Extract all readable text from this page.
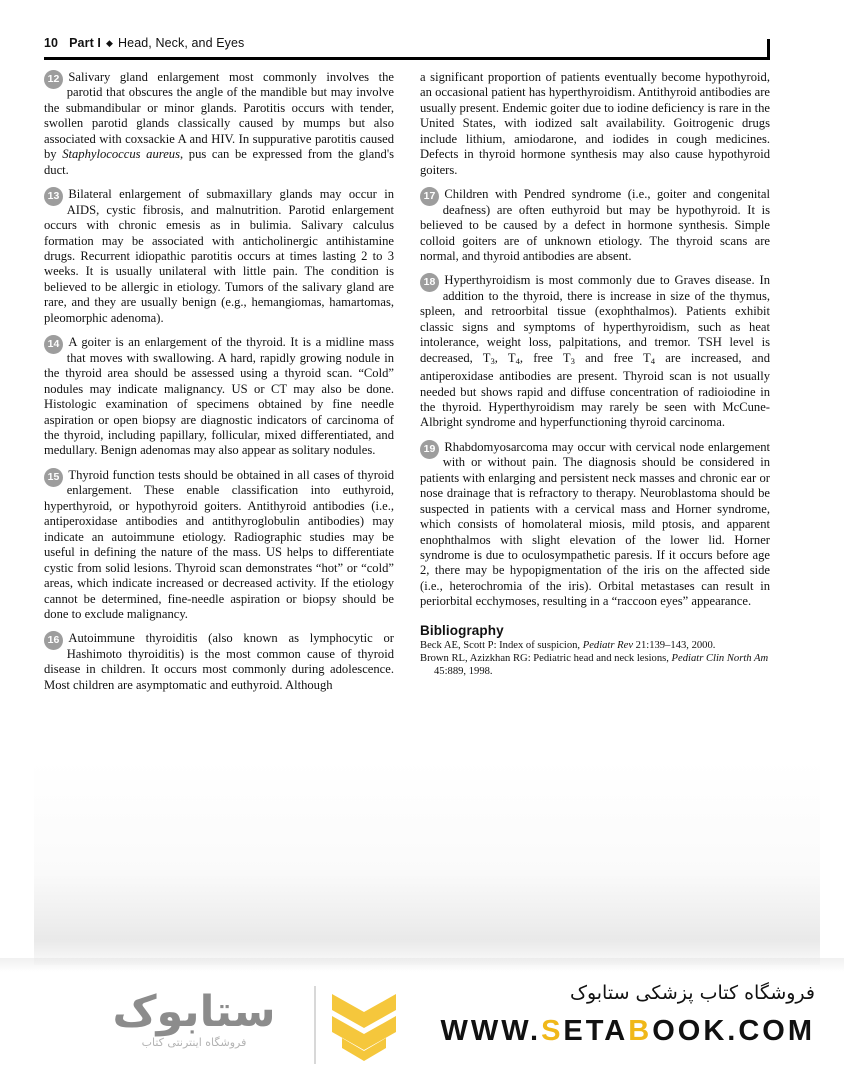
10 Part I ◆ Head, Neck, and Eyes
12 Salivary gland enlargement most commonly involves the parotid that obscures the angle of the mandible but may involve the submandibular or minor glands. Parotitis occurs with tender, swollen parotid glands classically caused by mumps but also associated with coxsackie A and HIV. In suppurative parotitis caused by Staphylococcus aureus, pus can be expressed from the gland's duct.
13 Bilateral enlargement of submaxillary glands may occur in AIDS, cystic fibrosis, and malnutrition. Parotid enlargement occurs with chronic emesis as in bulimia. Salivary calculus formation may be associated with anticholinergic antihistamine drugs. Recurrent idiopathic parotitis occurs at times lasting 2 to 3 weeks. It is usually unilateral with little pain. The condition is believed to be allergic in etiology. Tumors of the salivary gland are rare, and they are usually benign (e.g., hemangiomas, hamartomas, pleomorphic adenoma).
14 A goiter is an enlargement of the thyroid. It is a midline mass that moves with swallowing. A hard, rapidly growing nodule in the thyroid area should be assessed using a thyroid scan. “Cold” nodules may indicate malignancy. US or CT may also be done. Histologic examination of specimens obtained by fine needle aspiration or open biopsy are diagnostic indicators of carcinoma of the thyroid, including papillary, follicular, mixed differentiated, and medullary. Benign adenomas may also appear as solitary nodules.
15 Thyroid function tests should be obtained in all cases of thyroid enlargement. These enable classification into euthyroid, hyperthyroid, or hypothyroid goiters. Antithyroid antibodies (i.e., antiperoxidase antibodies and antithyroglobulin antibodies) may indicate an autoimmune etiology. Radiographic studies may be useful in defining the nature of the mass. US helps to differentiate cystic from solid lesions. Thyroid scan demonstrates “hot” or “cold” areas, which indicate increased or decreased activity. If the etiology cannot be determined, fine-needle aspiration or biopsy should be done to exclude malignancy.
16 Autoimmune thyroiditis (also known as lymphocytic or Hashimoto thyroiditis) is the most common cause of thyroid disease in children. It occurs most commonly during adolescence. Most children are asymptomatic and euthyroid. Although
a significant proportion of patients eventually become hypothyroid, an occasional patient has hyperthyroidism. Antithyroid antibodies are usually present. Endemic goiter due to iodine deficiency is rare in the United States, with iodized salt availability. Goitrogenic drugs include lithium, amiodarone, and iodides in cough medicines. Defects in thyroid hormone synthesis may also cause hypothyroid goiters.
17 Children with Pendred syndrome (i.e., goiter and congenital deafness) are often euthyroid but may be hypothyroid. It is believed to be caused by a defect in hormone synthesis. Simple colloid goiters are of unknown etiology. The thyroid scans are normal, and thyroid antibodies are absent.
18 Hyperthyroidism is most commonly due to Graves disease. In addition to the thyroid, there is increase in size of the thymus, spleen, and retroorbital tissue (exophthalmos). Patients exhibit classic signs and symptoms of hyperthyroidism, such as heat intolerance, weight loss, palpitations, and tremor. TSH level is decreased, $T_3$, $T_4$, free $T_3$ and free $T_4$ are increased, and antiperoxidase antibodies are present. Thyroid scan is not usually needed but shows rapid and diffuse concentration of radioiodine in the thyroid. Hyperthyroidism may rarely be seen with McCune-Albright syndrome and hyperfunctioning thyroid carcinoma.
19 Rhabdomyosarcoma may occur with cervical node enlargement with or without pain. The diagnosis should be considered in patients with enlarging and persistent neck masses and chronic ear or nose drainage that is refractory to therapy. Neuroblastoma should be suspected in patients with a cervical mass and Horner syndrome, which consists of homolateral miosis, mild ptosis, and apparent enophthalmos with slight elevation of the lower lid. Horner syndrome is due to oculosympathetic paresis. If it occurs before age 2, there may be hypopigmentation of the iris on the affected side (i.e., heterochromia of the iris). Orbital metastases can result in periorbital ecchymoses, resulting in a “raccoon eyes” appearance.
Bibliography
Beck AE, Scott P: Index of suspicion, Pediatr Rev 21:139–143, 2000.
Brown RL, Azizkhan RG: Pediatric head and neck lesions, Pediatr Clin North Am 45:889, 1998.
ستابوک
فروشگاه اینترنتی کتاب
فروشگاه کتاب پزشکی ستابوک
WWW.SETABOOK.COM
